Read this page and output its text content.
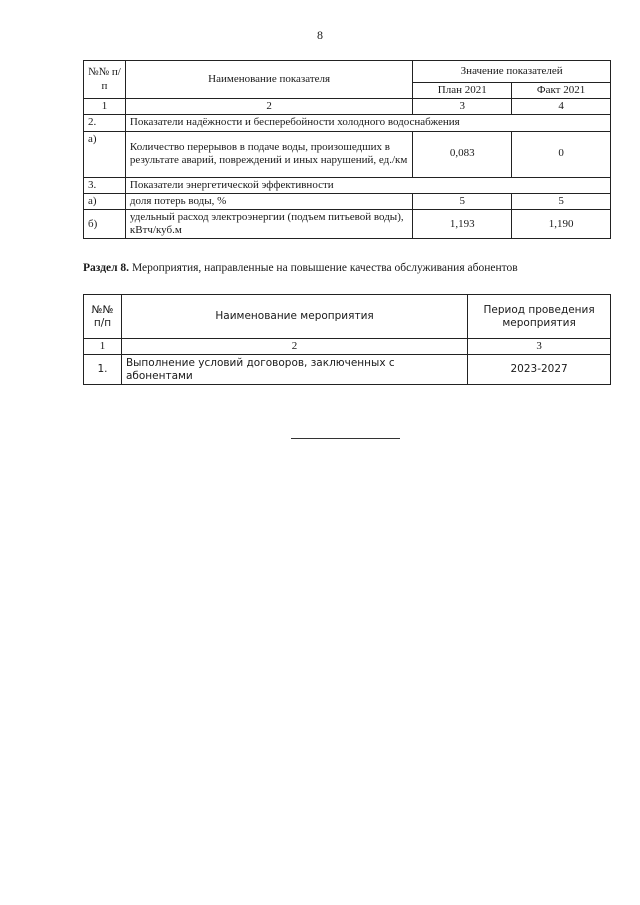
8
№№ п/п	Наименование показателя	Значение показателей	
		План 2021	Факт 2021
1	2	3	4
2.	Показатели надёжности и бесперебойности холодного водоснабжения		
а)	Количество перерывов в подаче воды, произошедших в результате аварий, повреждений и иных нарушений, ед./км	0,083	0
3.	Показатели энергетической эффективности		
а)	доля потерь воды, %	5	5
б)	удельный расход электроэнергии (подъем питьевой воды), кВтч/куб.м	1,193	1,190
Раздел 8. Мероприятия, направленные на повышение качества обслуживания абонентов
№№ п/п	Наименование мероприятия	Период проведения мероприятия
1	2	3
1.	Выполнение условий договоров, заключенных с абонентами	2023-2027
